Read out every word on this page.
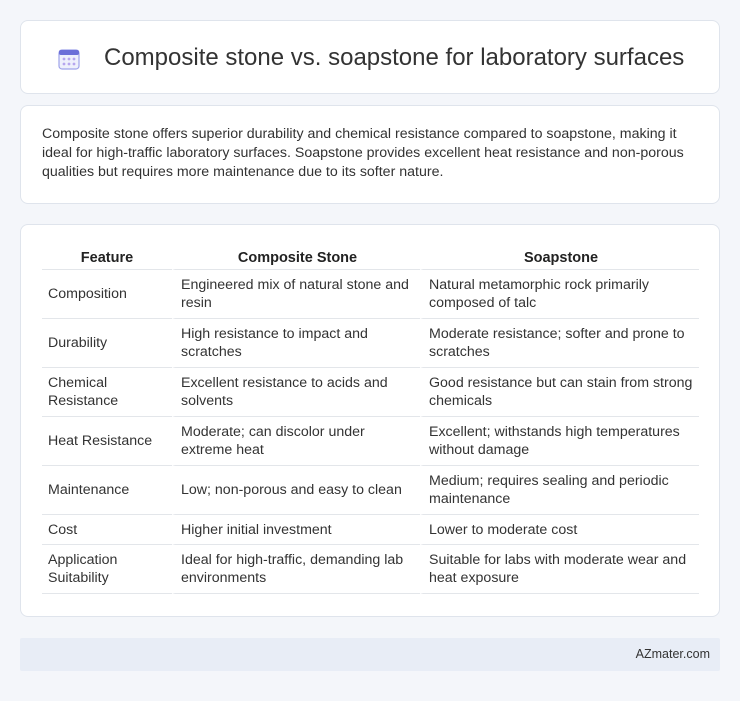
Composite stone vs. soapstone for laboratory surfaces

Composite stone offers superior durability and chemical resistance compared to soapstone, making it ideal for high-traffic laboratory surfaces. Soapstone provides excellent heat resistance and non-porous qualities but requires more maintenance due to its softer nature.

Feature	Composite Stone	Soapstone
Composition	Engineered mix of natural stone and resin	Natural metamorphic rock primarily composed of talc
Durability	High resistance to impact and scratches	Moderate resistance; softer and prone to scratches
Chemical Resistance	Excellent resistance to acids and solvents	Good resistance but can stain from strong chemicals
Heat Resistance	Moderate; can discolor under extreme heat	Excellent; withstands high temperatures without damage
Maintenance	Low; non-porous and easy to clean	Medium; requires sealing and periodic maintenance
Cost	Higher initial investment	Lower to moderate cost
Application Suitability	Ideal for high-traffic, demanding lab environments	Suitable for labs with moderate wear and heat exposure
AZmater.com
